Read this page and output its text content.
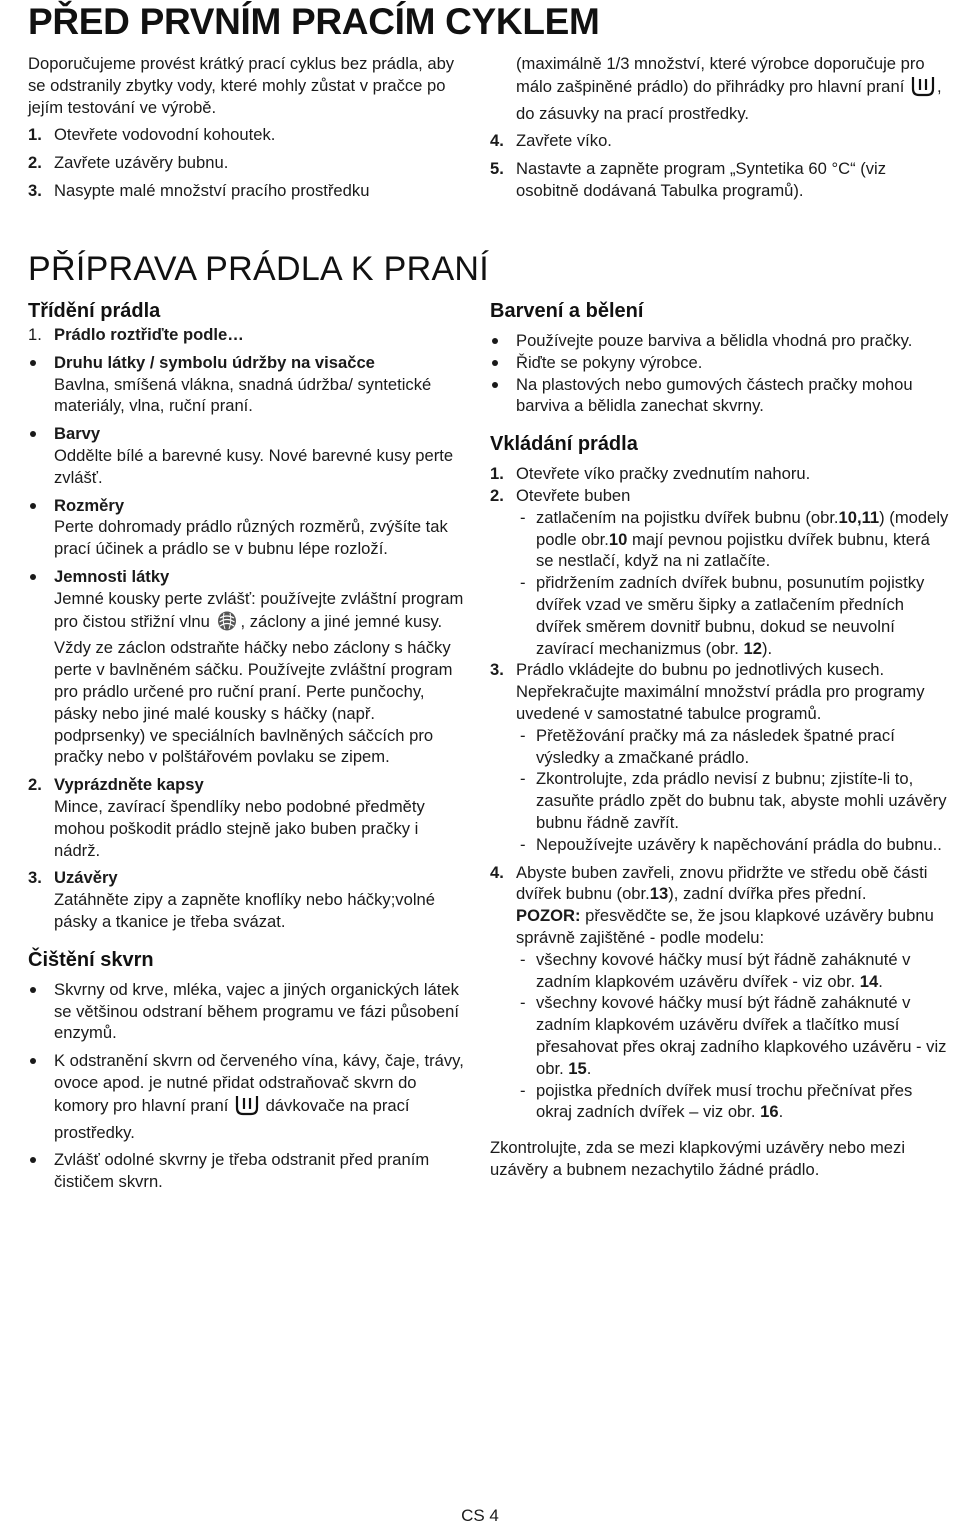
PŘED PRVNÍM PRACÍM CYKLEM

Doporučujeme provést krátký prací cyklus bez prádla, aby se odstranily zbytky vody, které mohly zůstat v pračce po jejím testování ve výrobě.

1. Otevřete vodovodní kohoutek.
2. Zavřete uzávěry bubnu.
3. Nasypte malé množství pracího prostředku

(maximálně 1/3 množství, které výrobce doporučuje pro málo zašpiněné prádlo) do přihrádky pro hlavní praní , do zásuvky na prací prostředky.

4. Zavřete víko.
5. Nastavte a zapněte program „Syntetika 60 °C“ (viz osobitně dodávaná Tabulka programů).
PŘÍPRAVA PRÁDLA K PRANÍ
Třídění prádla
1. Prádlo roztřiďte podle…
Druhu látky / symbolu údržby na visačce
Bavlna, smíšená vlákna, snadná údržba/ syntetické materiály, vlna, ruční praní.
Barvy
Oddělte bílé a barevné kusy. Nové barevné kusy perte zvlášť.
Rozměry
Perte dohromady prádlo různých rozměrů, zvýšíte tak prací účinek a prádlo se v bubnu lépe rozloží.
Jemnosti látky
Jemné kousky perte zvlášť: používejte zvláštní program pro čistou střižní vlnu , záclony a jiné jemné kusy. Vždy ze záclon odstraňte háčky nebo záclony s háčky perte v bavlněném sáčku. Používejte zvláštní program pro prádlo určené pro ruční praní. Perte punčochy, pásky nebo jiné malé kousky s háčky (např. podprsenky) ve speciálních bavlněných sáčcích pro pračky nebo v polštářovém povlaku se zipem.
2. Vyprázdněte kapsy
Mince, zavírací špendlíky nebo podobné předměty mohou poškodit prádlo stejně jako buben pračky i nádrž.
3. Uzávěry
Zatáhněte zipy a zapněte knoflíky nebo háčky;volné pásky a tkanice je třeba svázat.
Čištění skvrn
Skvrny od krve, mléka, vajec a jiných organických látek se většinou odstraní během programu ve fázi působení enzymů.
K odstranění skvrn od červeného vína, kávy, čaje, trávy, ovoce apod. je nutné přidat odstraňovač skvrn do komory pro hlavní praní dávkovače na prací prostředky.
Zvlášť odolné skvrny je třeba odstranit před praním čističem skvrn.
Barvení a bělení
Používejte pouze barviva a bělidla vhodná pro pračky.
Řiďte se pokyny výrobce.
Na plastových nebo gumových částech pračky mohou barviva a bělidla zanechat skvrny.
Vkládání prádla
1. Otevřete víko pračky zvednutím nahoru.
2. Otevřete buben
- zatlačením na pojistku dvířek bubnu (obr.10,11) (modely podle obr.10 mají pevnou pojistku dvířek bubnu, která se nestlačí, když na ni zatlačíte.
- přidržením zadních dvířek bubnu, posunutím pojistky dvířek vzad ve směru šipky a zatlačením předních dvířek směrem dovnitř bubnu, dokud se neuvolní zavírací mechanizmus (obr. 12).
3. Prádlo vkládejte do bubnu po jednotlivých kusech. Nepřekračujte maximální množství prádla pro programy uvedené v samostatné tabulce programů.
- Přetěžování pračky má za následek špatné prací výsledky a zmačkané prádlo.
- Zkontrolujte, zda prádlo nevisí z bubnu; zjistíte-li to, zasuňte prádlo zpět do bubnu tak, abyste mohli uzávěry bubnu řádně zavřít.
- Nepoužívejte uzávěry k napěchování prádla do bubnu..
4. Abyste buben zavřeli, znovu přidržte ve středu obě části dvířek bubnu (obr.13), zadní dvířka přes přední.
POZOR: přesvědčte se, že jsou klapkové uzávěry bubnu správně zajištěné - podle modelu:
- všechny kovové háčky musí být řádně zaháknuté v zadním klapkovém uzávěru dvířek - viz obr. 14.
- všechny kovové háčky musí být řádně zaháknuté v zadním klapkovém uzávěru dvířek a tlačítko musí přesahovat přes okraj zadního klapkového uzávěru - viz obr. 15.
- pojistka předních dvířek musí trochu přečnívat přes okraj zadních dvířek – viz obr. 16.

Zkontrolujte, zda se mezi klapkovými uzávěry nebo mezi uzávěry a bubnem nezachytilo žádné prádlo.

CS 4
